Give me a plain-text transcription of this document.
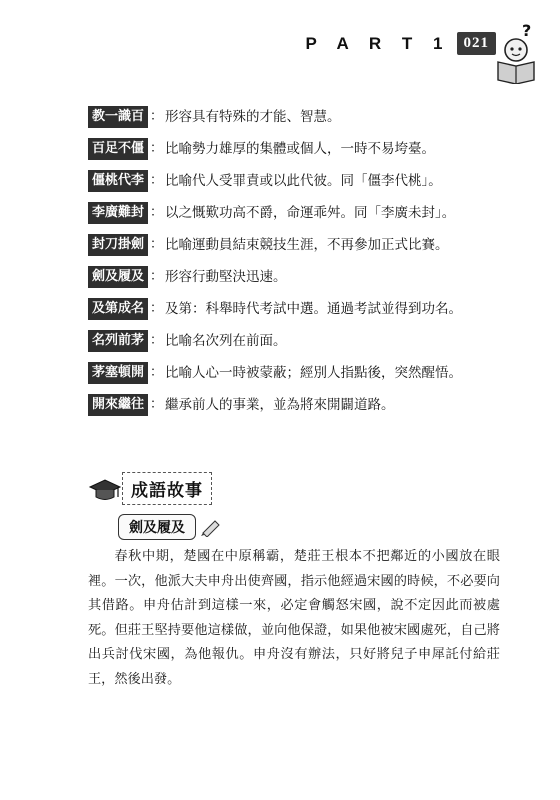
P A R T 1 021
?
教一識百 ： 形容具有特殊的才能、智慧。
百足不僵 ： 比喻勢力雄厚的集體或個人，一時不易垮臺。
僵桃代李 ： 比喻代人受罪責或以此代彼。同「僵李代桃」。
李廣難封 ： 以之慨歎功高不爵，命運乖舛。同「李廣未封」。
封刀掛劍 ： 比喻運動員結束競技生涯，不再參加正式比賽。
劍及履及 ： 形容行動堅決迅速。
及第成名 ： 及第：科舉時代考試中選。通過考試並得到功名。
名列前茅 ： 比喻名次列在前面。
茅塞頓開 ： 比喻人心一時被蒙蔽；經別人指點後，突然醒悟。
開來繼往 ： 繼承前人的事業，並為將來開闢道路。
成語故事
劍及履及
春秋中期，楚國在中原稱霸，楚莊王根本不把鄰近的小國放在眼裡。一次，他派大夫申舟出使齊國，指示他經過宋國的時候，不必要向其借路。申舟估計到這樣一來，必定會觸怒宋國，說不定因此而被處死。但莊王堅持要他這樣做，並向他保證，如果他被宋國處死，自己將出兵討伐宋國，為他報仇。申舟沒有辦法，只好將兒子申犀託付給莊王，然後出發。
